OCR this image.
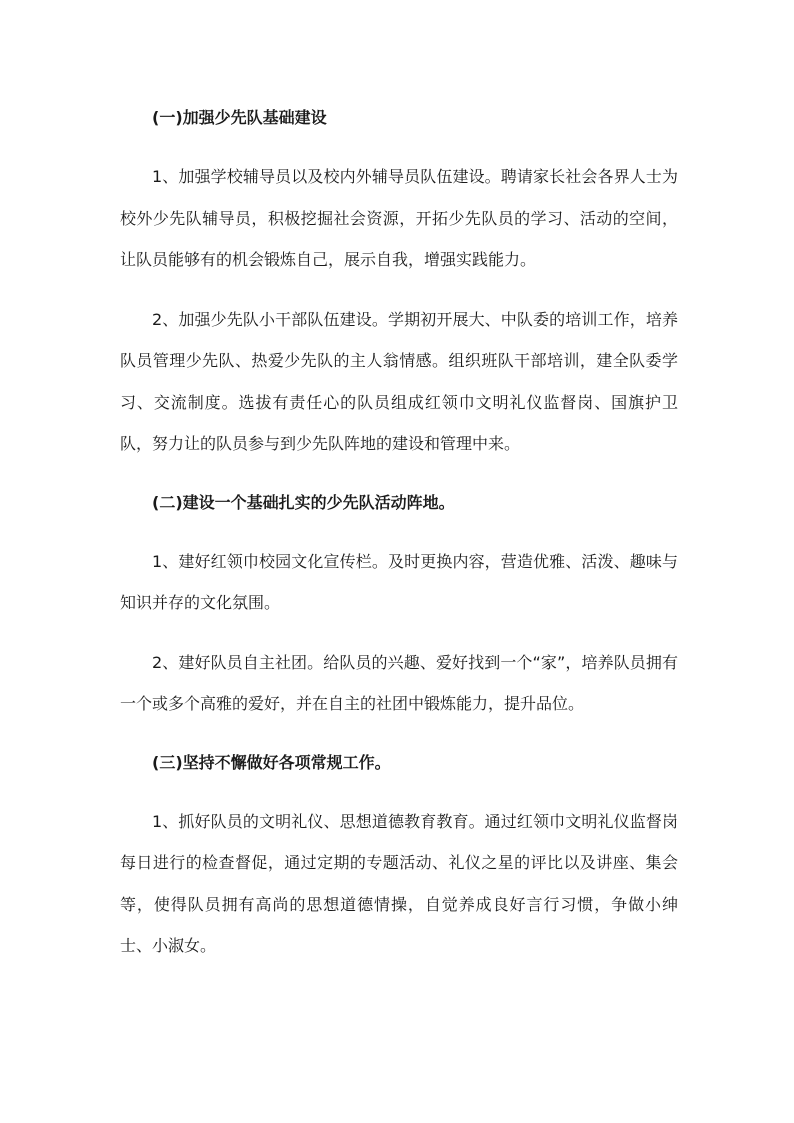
(一)加强少先队基础建设

1、加强学校辅导员以及校内外辅导员队伍建设。聘请家长社会各界人士为校外少先队辅导员，积极挖掘社会资源，开拓少先队员的学习、活动的空间，让队员能够有的机会锻炼自己，展示自我，增强实践能力。

2、加强少先队小干部队伍建设。学期初开展大、中队委的培训工作，培养队员管理少先队、热爱少先队的主人翁情感。组织班队干部培训，建全队委学习、交流制度。选拔有责任心的队员组成红领巾文明礼仪监督岗、国旗护卫队，努力让的队员参与到少先队阵地的建设和管理中来。

(二)建设一个基础扎实的少先队活动阵地。

1、建好红领巾校园文化宣传栏。及时更换内容，营造优雅、活泼、趣味与知识并存的文化氛围。

2、建好队员自主社团。给队员的兴趣、爱好找到一个“家”，培养队员拥有一个或多个高雅的爱好，并在自主的社团中锻炼能力，提升品位。

(三)坚持不懈做好各项常规工作。

1、抓好队员的文明礼仪、思想道德教育教育。通过红领巾文明礼仪监督岗每日进行的检查督促，通过定期的专题活动、礼仪之星的评比以及讲座、集会等，使得队员拥有高尚的思想道德情操，自觉养成良好言行习惯，争做小绅士、小淑女。
